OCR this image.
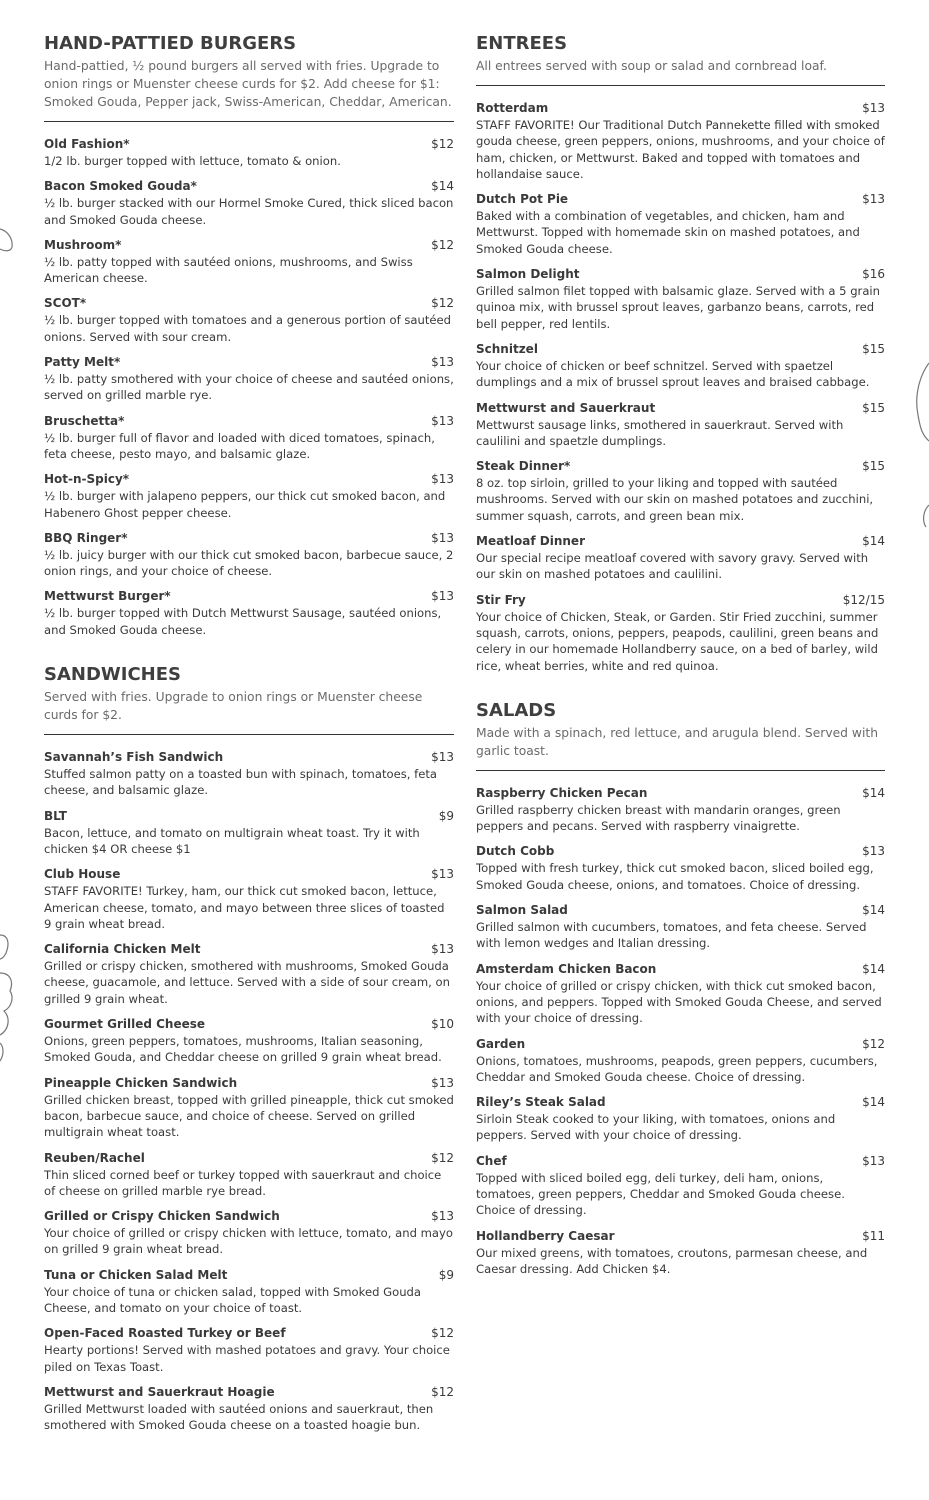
HAND-PATTIED BURGERS
Hand-pattied, ½ pound burgers all served with fries. Upgrade to onion rings or Muenster cheese curds for $2. Add cheese for $1: Smoked Gouda, Pepper jack, Swiss-American, Cheddar, American.
Old Fashion*	$12
1/2 lb. burger topped with lettuce, tomato & onion.
Bacon Smoked Gouda*	$14
½ lb. burger stacked with our Hormel Smoke Cured, thick sliced bacon and Smoked Gouda cheese.
Mushroom*	$12
½ lb. patty topped with sautéed onions, mushrooms, and Swiss American cheese.
SCOT*	$12
½ lb. burger topped with tomatoes and a generous portion of sautéed onions. Served with sour cream.
Patty Melt*	$13
½ lb. patty smothered with your choice of cheese and sautéed onions, served on grilled marble rye.
Bruschetta*	$13
½ lb. burger full of flavor and loaded with diced tomatoes, spinach, feta cheese, pesto mayo, and balsamic glaze.
Hot-n-Spicy*	$13
½ lb. burger with jalapeno peppers, our thick cut smoked bacon, and Habenero Ghost pepper cheese.
BBQ Ringer*	$13
½ lb. juicy burger with our thick cut smoked bacon, barbecue sauce, 2 onion rings, and your choice of cheese.
Mettwurst Burger*	$13
½ lb. burger topped with Dutch Mettwurst Sausage, sautéed onions, and Smoked Gouda cheese.
SANDWICHES
Served with fries. Upgrade to onion rings or Muenster cheese curds for $2.
Savannah’s Fish Sandwich	$13
Stuffed salmon patty on a toasted bun with spinach, tomatoes, feta cheese, and balsamic glaze.
BLT	$9
Bacon, lettuce, and tomato on multigrain wheat toast. Try it with chicken $4 OR cheese $1
Club House	$13
STAFF FAVORITE! Turkey, ham, our thick cut smoked bacon, lettuce, American cheese, tomato, and mayo between three slices of toasted 9 grain wheat bread.
California Chicken Melt	$13
Grilled or crispy chicken, smothered with mushrooms, Smoked Gouda cheese, guacamole, and lettuce. Served with a side of sour cream, on grilled 9 grain wheat.
Gourmet Grilled Cheese	$10
Onions, green peppers, tomatoes, mushrooms, Italian seasoning, Smoked Gouda, and Cheddar cheese on grilled 9 grain wheat bread.
Pineapple Chicken Sandwich	$13
Grilled chicken breast, topped with grilled pineapple, thick cut smoked bacon, barbecue sauce, and choice of cheese. Served on grilled multigrain wheat toast.
Reuben/Rachel	$12
Thin sliced corned beef or turkey topped with sauerkraut and choice of cheese on grilled marble rye bread.
Grilled or Crispy Chicken Sandwich	$13
Your choice of grilled or crispy chicken with lettuce, tomato, and mayo on grilled 9 grain wheat bread.
Tuna or Chicken Salad Melt	$9
Your choice of tuna or chicken salad, topped with Smoked Gouda Cheese, and tomato on your choice of toast.
Open-Faced Roasted Turkey or Beef	$12
Hearty portions! Served with mashed potatoes and gravy. Your choice piled on Texas Toast.
Mettwurst and Sauerkraut Hoagie	$12
Grilled Mettwurst loaded with sautéed onions and sauerkraut, then smothered with Smoked Gouda cheese on a toasted hoagie bun.
ENTREES
All entrees served with soup or salad and cornbread loaf.
Rotterdam	$13
STAFF FAVORITE! Our Traditional Dutch Pannekette filled with smoked gouda cheese, green peppers, onions, mushrooms, and your choice of ham, chicken, or Mettwurst. Baked and topped with tomatoes and hollandaise sauce.
Dutch Pot Pie	$13
Baked with a combination of vegetables, and chicken, ham and Mettwurst. Topped with homemade skin on mashed potatoes, and Smoked Gouda cheese.
Salmon Delight	$16
Grilled salmon filet topped with balsamic glaze. Served with a 5 grain quinoa mix, with brussel sprout leaves, garbanzo beans, carrots, red bell pepper, red lentils.
Schnitzel	$15
Your choice of chicken or beef schnitzel. Served with spaetzel dumplings and a mix of brussel sprout leaves and braised cabbage.
Mettwurst and Sauerkraut	$15
Mettwurst sausage links, smothered in sauerkraut. Served with caulilini and spaetzle dumplings.
Steak Dinner*	$15
8 oz. top sirloin, grilled to your liking and topped with sautéed mushrooms. Served with our skin on mashed potatoes and zucchini, summer squash, carrots, and green bean mix.
Meatloaf Dinner	$14
Our special recipe meatloaf covered with savory gravy. Served with our skin on mashed potatoes and caulilini.
Stir Fry	$12/15
Your choice of Chicken, Steak, or Garden. Stir Fried zucchini, summer squash, carrots, onions, peppers, peapods, caulilini, green beans and celery in our homemade Hollandberry sauce, on a bed of barley, wild rice, wheat berries, white and red quinoa.
SALADS
Made with a spinach, red lettuce, and arugula blend. Served with garlic toast.
Raspberry Chicken Pecan	$14
Grilled raspberry chicken breast with mandarin oranges, green peppers and pecans. Served with raspberry vinaigrette.
Dutch Cobb	$13
Topped with fresh turkey, thick cut smoked bacon, sliced boiled egg, Smoked Gouda cheese, onions, and tomatoes. Choice of dressing.
Salmon Salad	$14
Grilled salmon with cucumbers, tomatoes, and feta cheese. Served with lemon wedges and Italian dressing.
Amsterdam Chicken Bacon	$14
Your choice of grilled or crispy chicken, with thick cut smoked bacon, onions, and peppers. Topped with Smoked Gouda Cheese, and served with your choice of dressing.
Garden	$12
Onions, tomatoes, mushrooms, peapods, green peppers, cucumbers, Cheddar and Smoked Gouda cheese. Choice of dressing.
Riley’s Steak Salad	$14
Sirloin Steak cooked to your liking, with tomatoes, onions and peppers. Served with your choice of dressing.
Chef	$13
Topped with sliced boiled egg, deli turkey, deli ham, onions, tomatoes, green peppers, Cheddar and Smoked Gouda cheese. Choice of dressing.
Hollandberry Caesar	$11
Our mixed greens, with tomatoes, croutons, parmesan cheese, and Caesar dressing. Add Chicken $4.
